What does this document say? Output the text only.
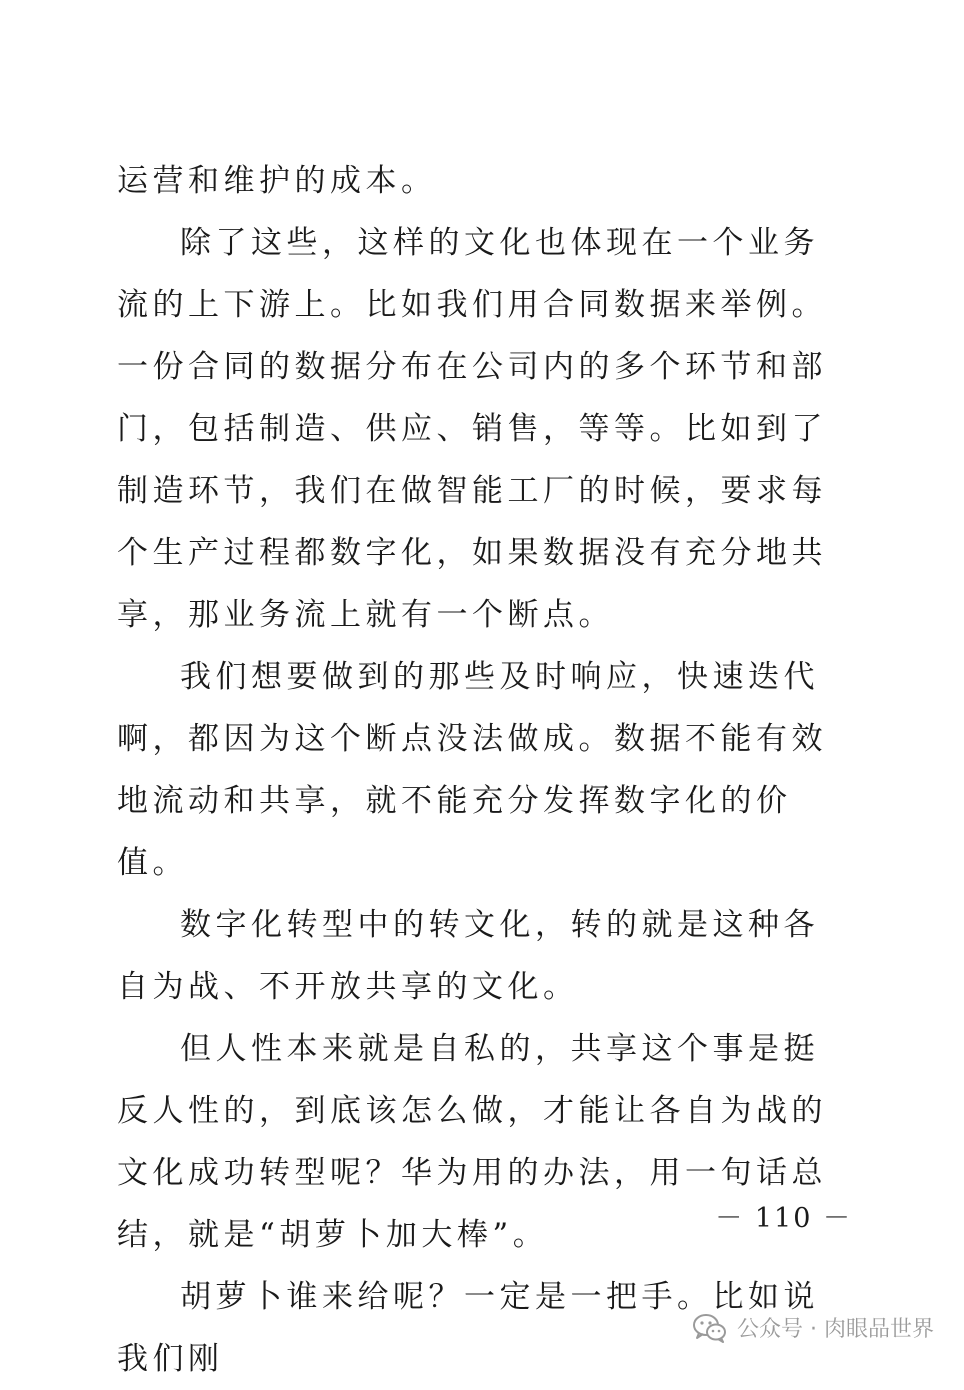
运营和维护的成本。

除了这些，这样的文化也体现在一个业务流的上下游上。比如我们用合同数据来举例。一份合同的数据分布在公司内的多个环节和部门，包括制造、供应、销售，等等。比如到了制造环节，我们在做智能工厂的时候，要求每个生产过程都数字化，如果数据没有充分地共享，那业务流上就有一个断点。

我们想要做到的那些及时响应，快速迭代啊，都因为这个断点没法做成。数据不能有效地流动和共享，就不能充分发挥数字化的价值。

数字化转型中的转文化，转的就是这种各自为战、不开放共享的文化。

但人性本来就是自私的，共享这个事是挺反人性的，到底该怎么做，才能让各自为战的文化成功转型呢？华为用的办法，用一句话总结，就是“胡萝卜加大棒”。

胡萝卜谁来给呢？一定是一把手。比如说我们刚

－ 110 －
公众号 · 肉眼品世界
